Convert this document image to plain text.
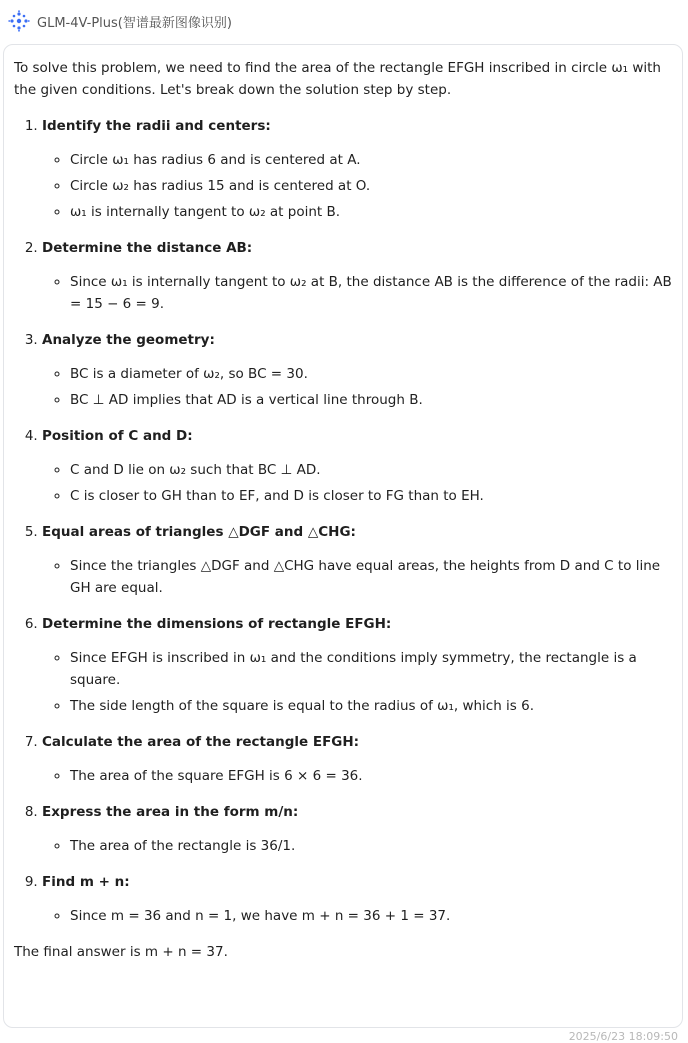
GLM-4V-Plus(智谱最新图像识别)

To solve this problem, we need to find the area of the rectangle EFGH inscribed in circle ω₁ with the given conditions. Let's break down the solution step by step.

1. Identify the radii and centers:
◦ Circle ω₁ has radius 6 and is centered at A.
◦ Circle ω₂ has radius 15 and is centered at O.
◦ ω₁ is internally tangent to ω₂ at point B.
2. Determine the distance AB:
◦ Since ω₁ is internally tangent to ω₂ at B, the distance AB is the difference of the radii: AB = 15 − 6 = 9.
3. Analyze the geometry:
◦ BC is a diameter of ω₂, so BC = 30.
◦ BC ⊥ AD implies that AD is a vertical line through B.
4. Position of C and D:
◦ C and D lie on ω₂ such that BC ⊥ AD.
◦ C is closer to GH than to EF, and D is closer to FG than to EH.
5. Equal areas of triangles △DGF and △CHG:
◦ Since the triangles △DGF and △CHG have equal areas, the heights from D and C to line GH are equal.
6. Determine the dimensions of rectangle EFGH:
◦ Since EFGH is inscribed in ω₁ and the conditions imply symmetry, the rectangle is a square.
◦ The side length of the square is equal to the radius of ω₁, which is 6.
7. Calculate the area of the rectangle EFGH:
◦ The area of the square EFGH is 6 × 6 = 36.
8. Express the area in the form m/n:
◦ The area of the rectangle is 36/1.
9. Find m + n:
◦ Since m = 36 and n = 1, we have m + n = 36 + 1 = 37.

The final answer is m + n = 37.

2025/6/23 18:09:50
